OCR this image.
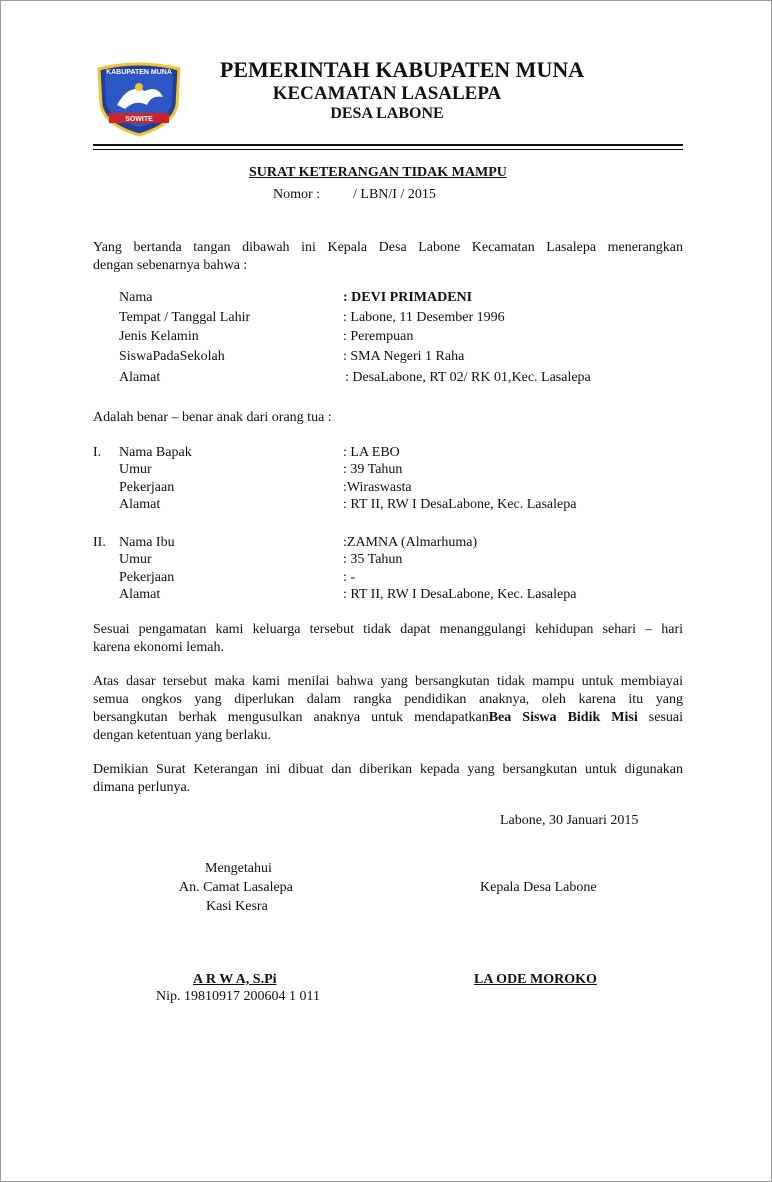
KABUPATEN MUNA
SOWITE
PEMERINTAH KABUPATEN MUNA
KECAMATAN LASALEPA
DESA LABONE
SURAT KETERANGAN TIDAK MAMPU
Nomor : / LBN/I / 2015
Yang bertanda tangan dibawah ini Kepala Desa Labone Kecamatan Lasalepa menerangkan
dengan sebenarnya bahwa :
Nama	: DEVI PRIMADENI
Tempat / Tanggal Lahir	: Labone, 11 Desember 1996
Jenis Kelamin	: Perempuan
SiswaPadaSekolah	: SMA Negeri 1 Raha
Alamat	: DesaLabone, RT 02/ RK 01,Kec. Lasalepa
Adalah benar – benar anak dari orang tua :
I. Nama Bapak	: LA EBO
Umur	: 39 Tahun
Pekerjaan	:Wiraswasta
Alamat	: RT II, RW I DesaLabone, Kec. Lasalepa
II. Nama Ibu	:ZAMNA (Almarhuma)
Umur	: 35 Tahun
Pekerjaan	: -
Alamat	: RT II, RW I DesaLabone, Kec. Lasalepa
Sesuai pengamatan kami keluarga tersebut tidak dapat menanggulangi kehidupan sehari – hari
karena ekonomi lemah.
Atas dasar tersebut maka kami menilai bahwa yang bersangkutan tidak mampu untuk membiayai
semua ongkos yang diperlukan dalam rangka pendidikan anaknya, oleh karena itu yang
bersangkutan berhak mengusulkan anaknya untuk mendapatkanBea Siswa Bidik Misi sesuai
dengan ketentuan yang berlaku.
Demikian Surat Keterangan ini dibuat dan diberikan kepada yang bersangkutan untuk digunakan
dimana perlunya.
Labone, 30 Januari 2015
Mengetahui
An. Camat Lasalepa
Kasi Kesra
A R W A, S.Pi
Nip. 19810917 200604 1 011
Kepala Desa Labone
LA ODE MOROKO
